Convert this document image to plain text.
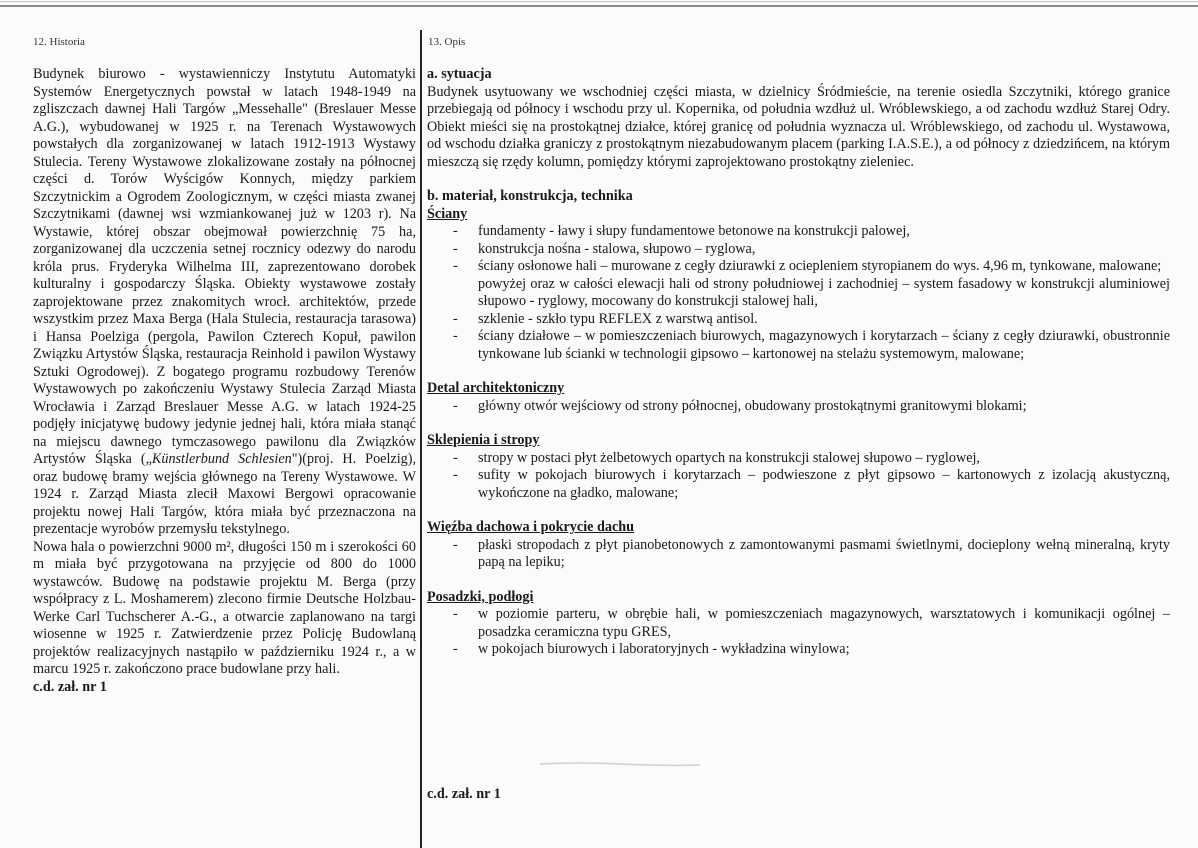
12. Historia	13. Opis

Budynek biurowo - wystawienniczy Instytutu Automatyki Systemów Energetycznych powstał w latach 1948-1949 na zgliszczach dawnej Hali Targów „Messehalle" (Breslauer Messe A.G.), wybudowanej w 1925 r. na Terenach Wystawowych powstałych dla zorganizowanej w latach 1912-1913 Wystawy Stulecia. Tereny Wystawowe zlokalizowane zostały na północnej części d. Torów Wyścigów Konnych, między parkiem Szczytnickim a Ogrodem Zoologicznym, w części miasta zwanej Szczytnikami (dawnej wsi wzmiankowanej już w 1203 r). Na Wystawie, której obszar obejmował powierzchnię 75 ha, zorganizowanej dla uczczenia setnej rocznicy odezwy do narodu króla prus. Fryderyka Wilhelma III, zaprezentowano dorobek kulturalny i gospodarczy Śląska. Obiekty wystawowe zostały zaprojektowane przez znakomitych wrocł. architektów, przede wszystkim przez Maxa Berga (Hala Stulecia, restauracja tarasowa) i Hansa Poelziga (pergola, Pawilon Czterech Kopuł, pawilon Związku Artystów Śląska, restauracja Reinhold i pawilon Wystawy Sztuki Ogrodowej). Z bogatego programu rozbudowy Terenów Wystawowych po zakończeniu Wystawy Stulecia Zarząd Miasta Wrocławia i Zarząd Breslauer Messe A.G. w latach 1924-25 podjęły inicjatywę budowy jedynie jednej hali, która miała stanąć na miejscu dawnego tymczasowego pawilonu dla Związków Artystów Śląska („Künstlerbund Schlesien")(proj. H. Poelzig), oraz budowę bramy wejścia głównego na Tereny Wystawowe. W 1924 r. Zarząd Miasta zlecił Maxowi Bergowi opracowanie projektu nowej Hali Targów, która miała być przeznaczona na prezentacje wyrobów przemysłu tekstylnego.

Nowa hala o powierzchni 9000 m², długości 150 m i szerokości 60 m miała być przygotowana na przyjęcie od 800 do 1000 wystawców. Budowę na podstawie projektu M. Berga (przy współpracy z L. Moshamerem) zlecono firmie Deutsche Holzbau-Werke Carl Tuchscherer A.-G., a otwarcie zaplanowano na targi wiosenne w 1925 r. Zatwierdzenie przez Policję Budowlaną projektów realizacyjnych nastąpiło w październiku 1924 r., a w marcu 1925 r. zakończono prace budowlane przy hali.

c.d. zał. nr 1

a. sytuacja
Budynek usytuowany we wschodniej części miasta, w dzielnicy Śródmieście, na terenie osiedla Szczytniki, którego granice przebiegają od północy i wschodu przy ul. Kopernika, od południa wzdłuż ul. Wróblewskiego, a od zachodu wzdłuż Starej Odry. Obiekt mieści się na prostokątnej działce, której granicę od południa wyznacza ul. Wróblewskiego, od zachodu ul. Wystawowa, od wschodu działka graniczy z prostokątnym niezabudowanym placem (parking I.A.S.E.), a od północy z dziedzińcem, na którym mieszczą się rzędy kolumn, pomiędzy którymi zaprojektowano prostokątny zieleniec.
b. materiał, konstrukcja, technika
Ściany
- fundamenty - ławy i słupy fundamentowe betonowe na konstrukcji palowej,
- konstrukcja nośna - stalowa, słupowo – ryglowa,
- ściany osłonowe hali – murowane z cegły dziurawki z ociepleniem styropianem do wys. 4,96 m, tynkowane, malowane;
powyżej oraz w całości elewacji hali od strony południowej i zachodniej – system fasadowy w konstrukcji aluminiowej słupowo - ryglowy, mocowany do konstrukcji stalowej hali,
- szklenie - szkło typu REFLEX z warstwą antisol.
- ściany działowe – w pomieszczeniach biurowych, magazynowych i korytarzach – ściany z cegły dziurawki, obustronnie tynkowane lub ścianki w technologii gipsowo – kartonowej na stelażu systemowym, malowane;
Detal architektoniczny
- główny otwór wejściowy od strony północnej, obudowany prostokątnymi granitowymi blokami;
Sklepienia i stropy
- stropy w postaci płyt żelbetowych opartych na konstrukcji stalowej słupowo – ryglowej,
- sufity w pokojach biurowych i korytarzach – podwieszone z płyt gipsowo – kartonowych z izolacją akustyczną, wykończone na gładko, malowane;
Więźba dachowa i pokrycie dachu
- płaski stropodach z płyt pianobetonowych z zamontowanymi pasmami świetlnymi, docieplony wełną mineralną, kryty papą na lepiku;
Posadzki, podłogi
- w poziomie parteru, w obrębie hali, w pomieszczeniach magazynowych, warsztatowych i komunikacji ogólnej – posadzka ceramiczna typu GRES,
- w pokojach biurowych i laboratoryjnych - wykładzina winylowa;
c.d. zał. nr 1
